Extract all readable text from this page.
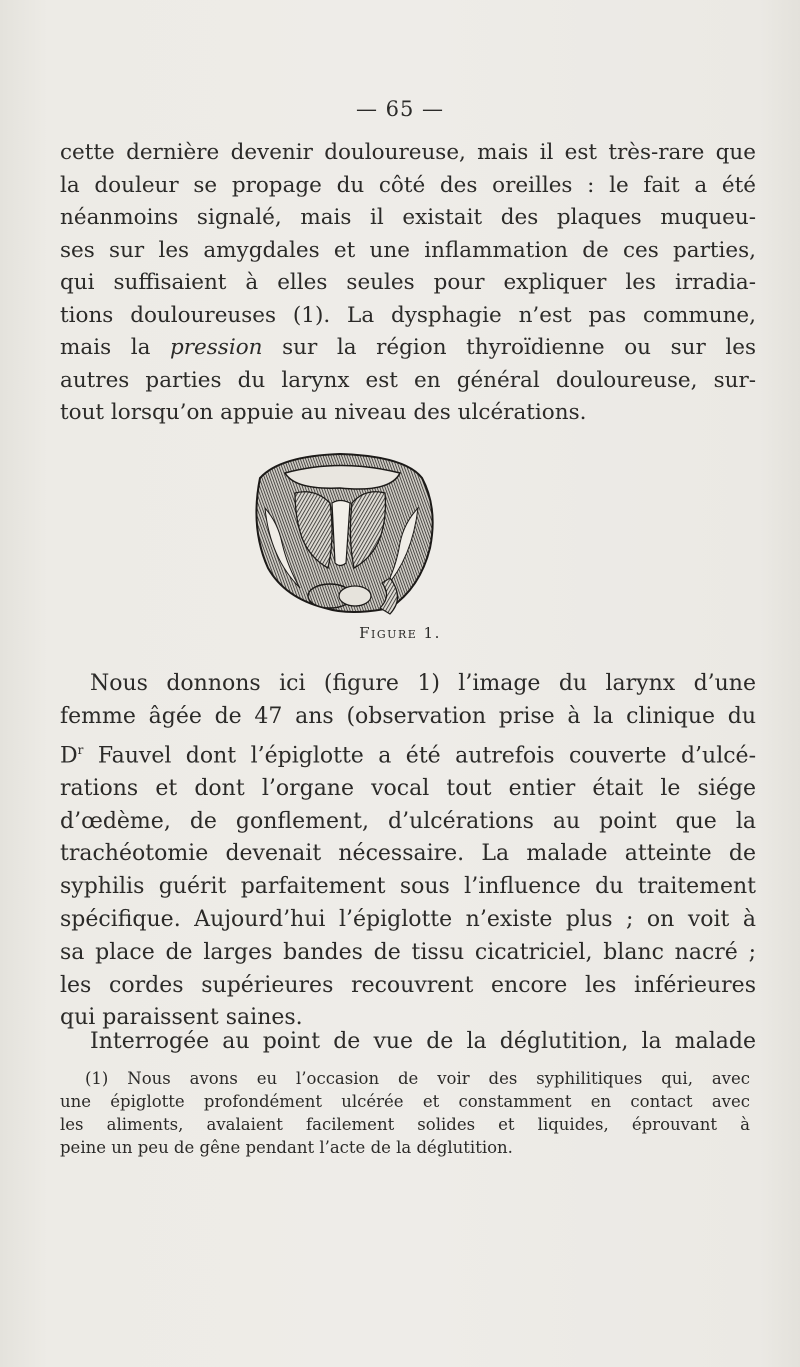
— 65 —
cette dernière devenir douloureuse, mais il est très-rare que
la douleur se propage du côté des oreilles : le fait a été
néanmoins signalé, mais il existait des plaques muqueu-
ses sur les amygdales et une inflammation de ces parties,
qui suffisaient à elles seules pour expliquer les irradia-
tions douloureuses (1). La dysphagie n’est pas commune,
mais la pression sur la région thyroïdienne ou sur les
autres parties du larynx est en général douloureuse, sur-
tout lorsqu’on appuie au niveau des ulcérations.
Figure 1.
Nous donnons ici (figure 1) l’image du larynx d’une
femme âgée de 47 ans (observation prise à la clinique du
$D^r$ Fauvel dont l’épiglotte a été autrefois couverte d’ulcé-
rations et dont l’organe vocal tout entier était le siége
d’œdème, de gonflement, d’ulcérations au point que la
trachéotomie devenait nécessaire. La malade atteinte de
syphilis guérit parfaitement sous l’influence du traitement
spécifique. Aujourd’hui l’épiglotte n’existe plus ; on voit à
sa place de larges bandes de tissu cicatriciel, blanc nacré ;
les cordes supérieures recouvrent encore les inférieures
qui paraissent saines.
Interrogée au point de vue de la déglutition, la malade
(1) Nous avons eu l’occasion de voir des syphilitiques qui, avec
une épiglotte profondément ulcérée et constamment en contact avec
les aliments, avalaient facilement solides et liquides, éprouvant à
peine un peu de gêne pendant l’acte de la déglutition.
